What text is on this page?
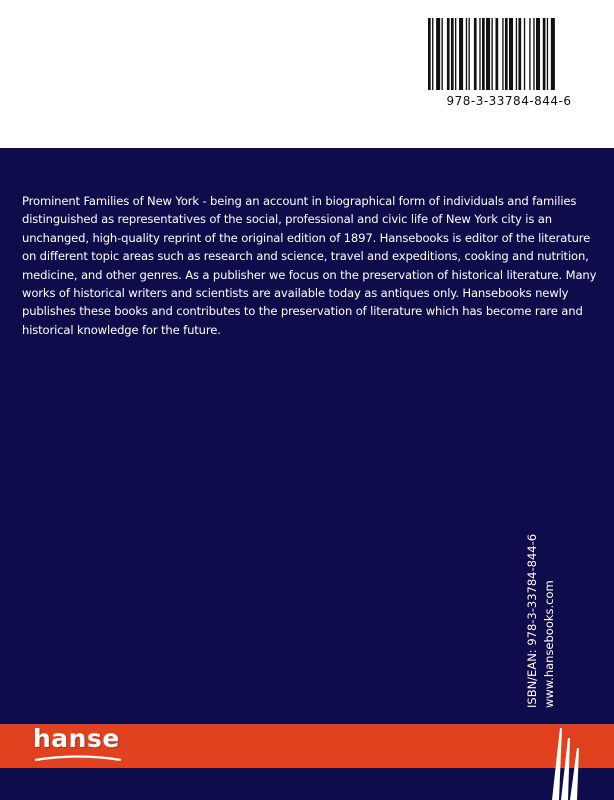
978-3-33784-844-6

Prominent Families of New York - being an account in biographical form of individuals and families distinguished as representatives of the social, professional and civic life of New York city is an unchanged, high-quality reprint of the original edition of 1897. Hansebooks is editor of the literature on different topic areas such as research and science, travel and expeditions, cooking and nutrition, medicine, and other genres. As a publisher we focus on the preservation of historical literature. Many works of historical writers and scientists are available today as antiques only. Hansebooks newly publishes these books and contributes to the preservation of literature which has become rare and historical knowledge for the future.

ISBN/EAN: 978-3-33784-844-6 www.hansebooks.com
hanse
